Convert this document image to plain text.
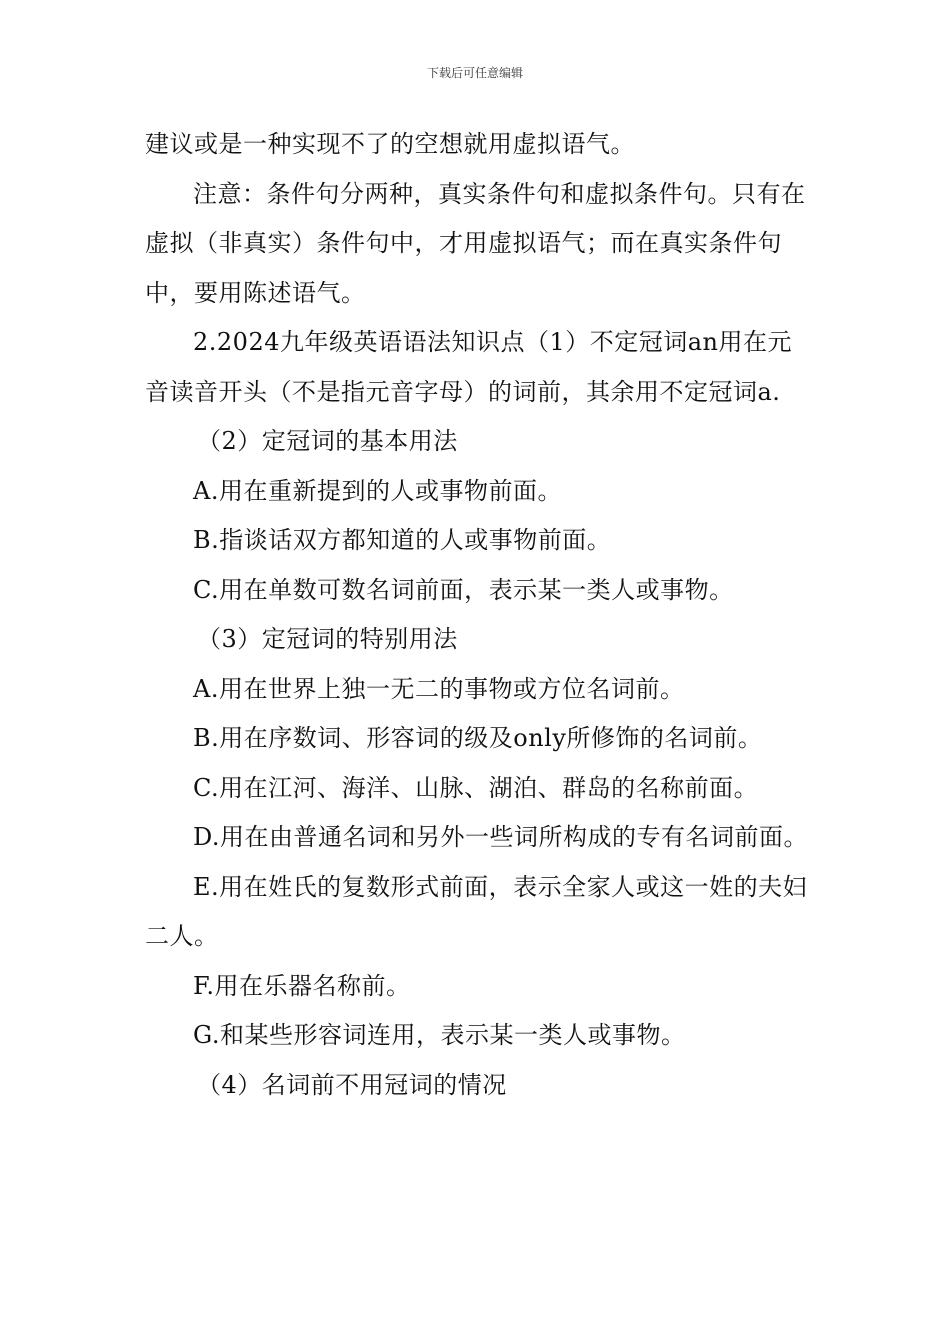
下载后可任意编辑

建议或是一种实现不了的空想就用虚拟语气。

注意：条件句分两种，真实条件句和虚拟条件句。只有在虚拟（非真实）条件句中，才用虚拟语气；而在真实条件句中，要用陈述语气。

2.2024九年级英语语法知识点（1）不定冠词an用在元音读音开头（不是指元音字母）的词前，其余用不定冠词a.

（2）定冠词的基本用法

A.用在重新提到的人或事物前面。

B.指谈话双方都知道的人或事物前面。

C.用在单数可数名词前面，表示某一类人或事物。

（3）定冠词的特别用法

A.用在世界上独一无二的事物或方位名词前。

B.用在序数词、形容词的级及only所修饰的名词前。

C.用在江河、海洋、山脉、湖泊、群岛的名称前面。

D.用在由普通名词和另外一些词所构成的专有名词前面。

E.用在姓氏的复数形式前面，表示全家人或这一姓的夫妇二人。

F.用在乐器名称前。

G.和某些形容词连用，表示某一类人或事物。

（4）名词前不用冠词的情况
